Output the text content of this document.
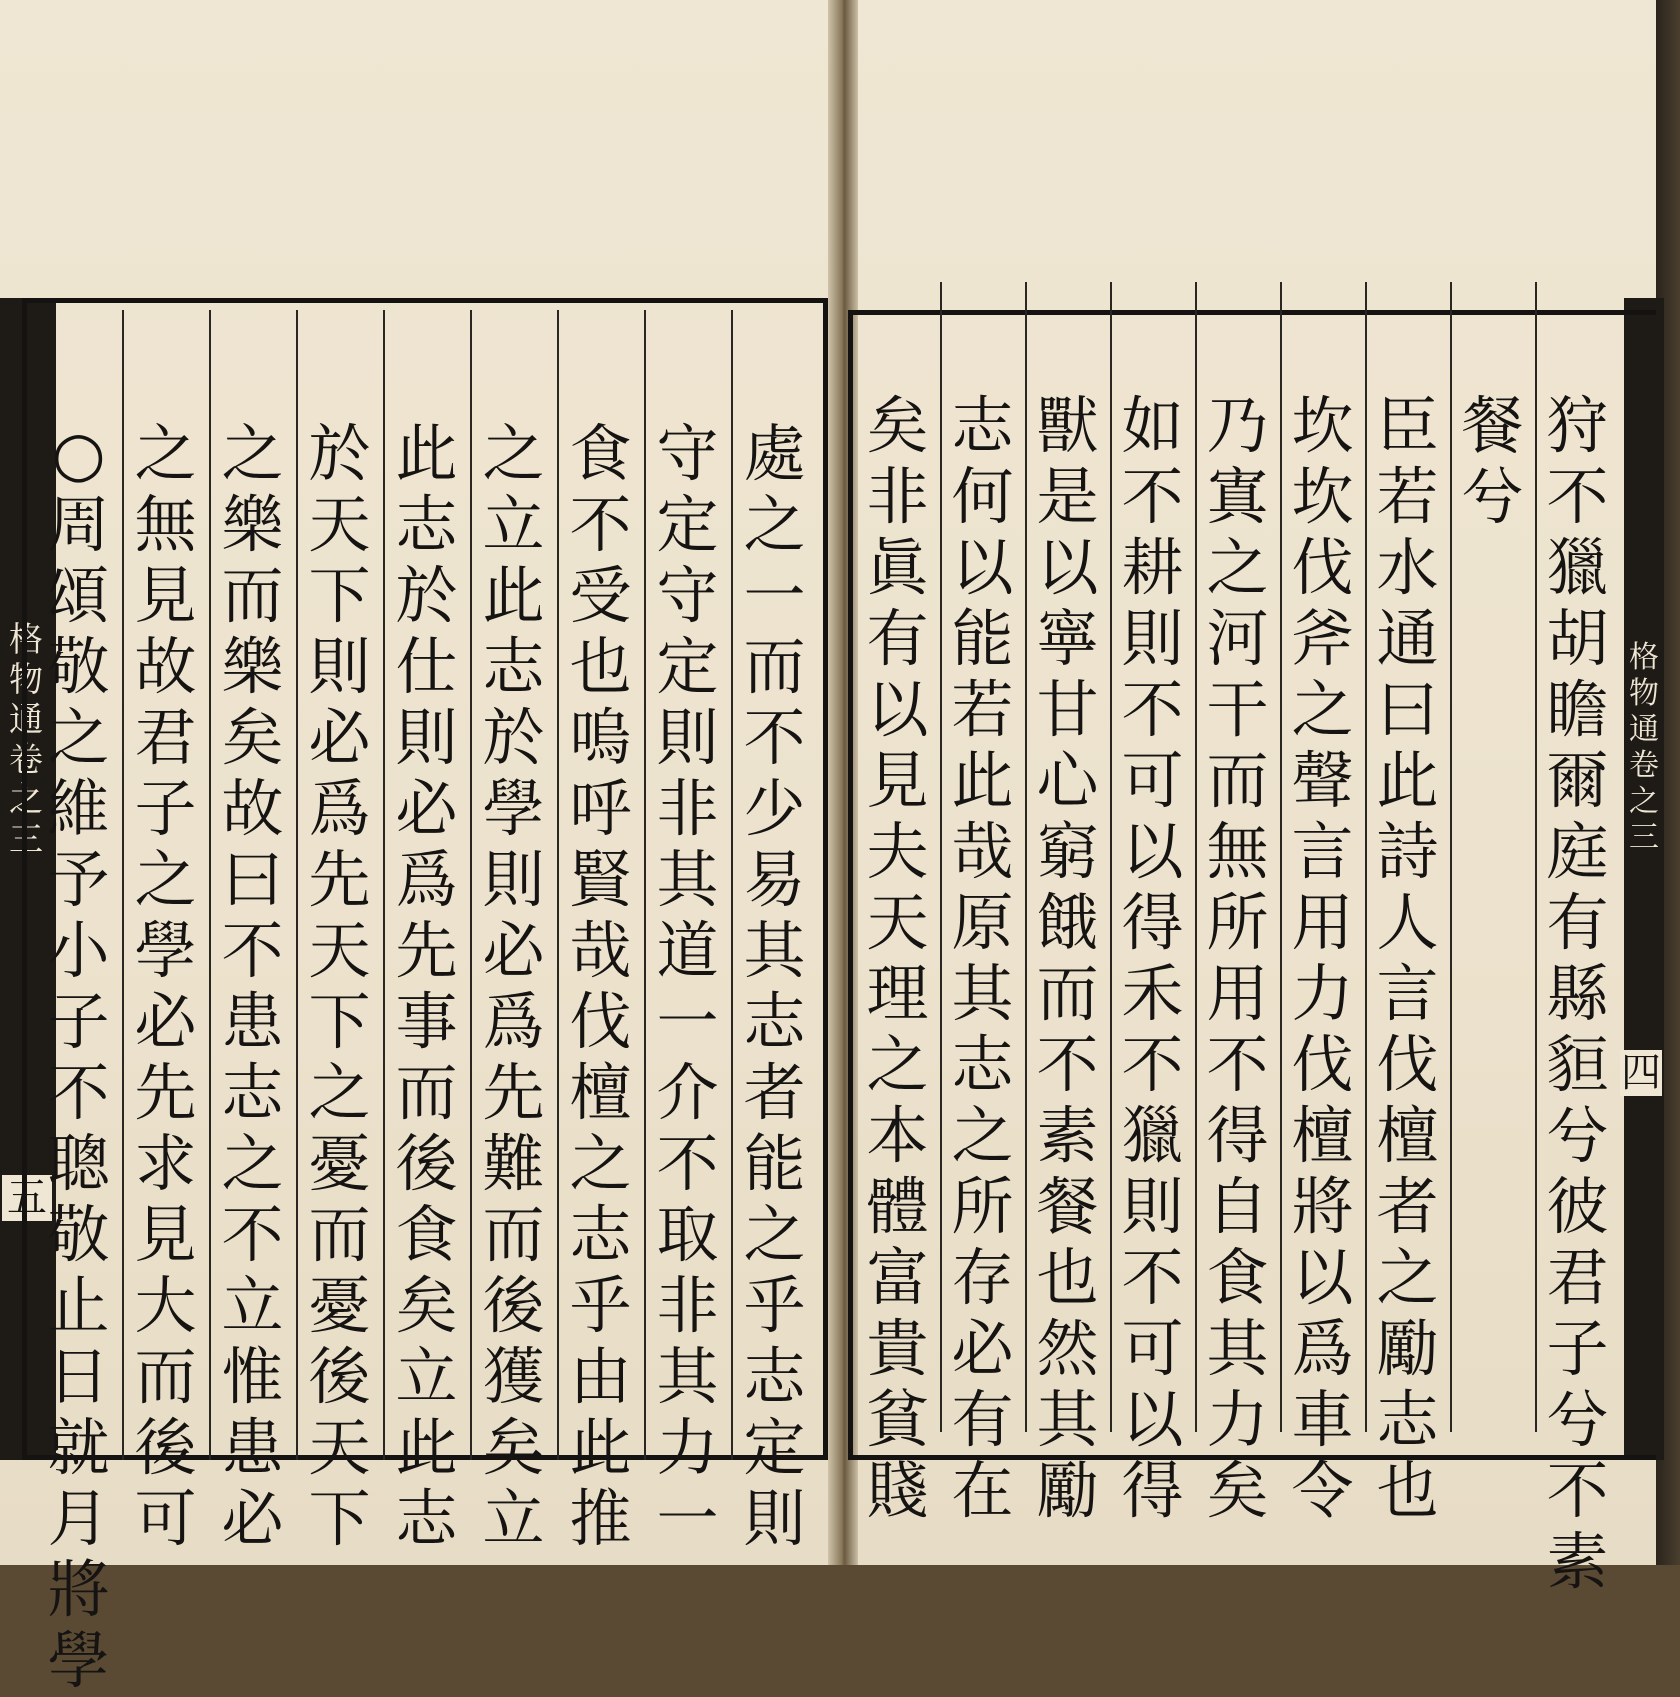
格
物
通
卷
之
三
五
格
物
通
卷
之
三
四
處
之
一
而
不
少
易
其
志
者
能
之
乎
志
定
則
守
定
守
定
則
非
其
道
一
介
不
取
非
其
力
一
食
不
受
也
嗚
呼
賢
哉
伐
檀
之
志
乎
由
此
推
之
立
此
志
於
學
則
必
爲
先
難
而
後
獲
矣
立
此
志
於
仕
則
必
爲
先
事
而
後
食
矣
立
此
志
於
天
下
則
必
爲
先
天
下
之
憂
而
憂
後
天
下
之
樂
而
樂
矣
故
曰
不
患
志
之
不
立
惟
患
必
之
無
見
故
君
子
之
學
必
先
求
見
大
而
後
可
○
周
頌
敬
之
維
予
小
子
不
聰
敬
止
日
就
月
將
學
狩
不
獵
胡
瞻
爾
庭
有
縣
貆
兮
彼
君
子
兮
不
素
餐
兮
臣
若
水
通
曰
此
詩
人
言
伐
檀
者
之
勵
志
也
坎
坎
伐
斧
之
聲
言
用
力
伐
檀
將
以
爲
車
令
乃
寘
之
河
干
而
無
所
用
不
得
自
食
其
力
矣
如
不
耕
則
不
可
以
得
禾
不
獵
則
不
可
以
得
獸
是
以
寧
甘
心
窮
餓
而
不
素
餐
也
然
其
勵
志
何
以
能
若
此
哉
原
其
志
之
所
存
必
有
在
矣
非
眞
有
以
見
夫
天
理
之
本
體
富
貴
貧
賤
